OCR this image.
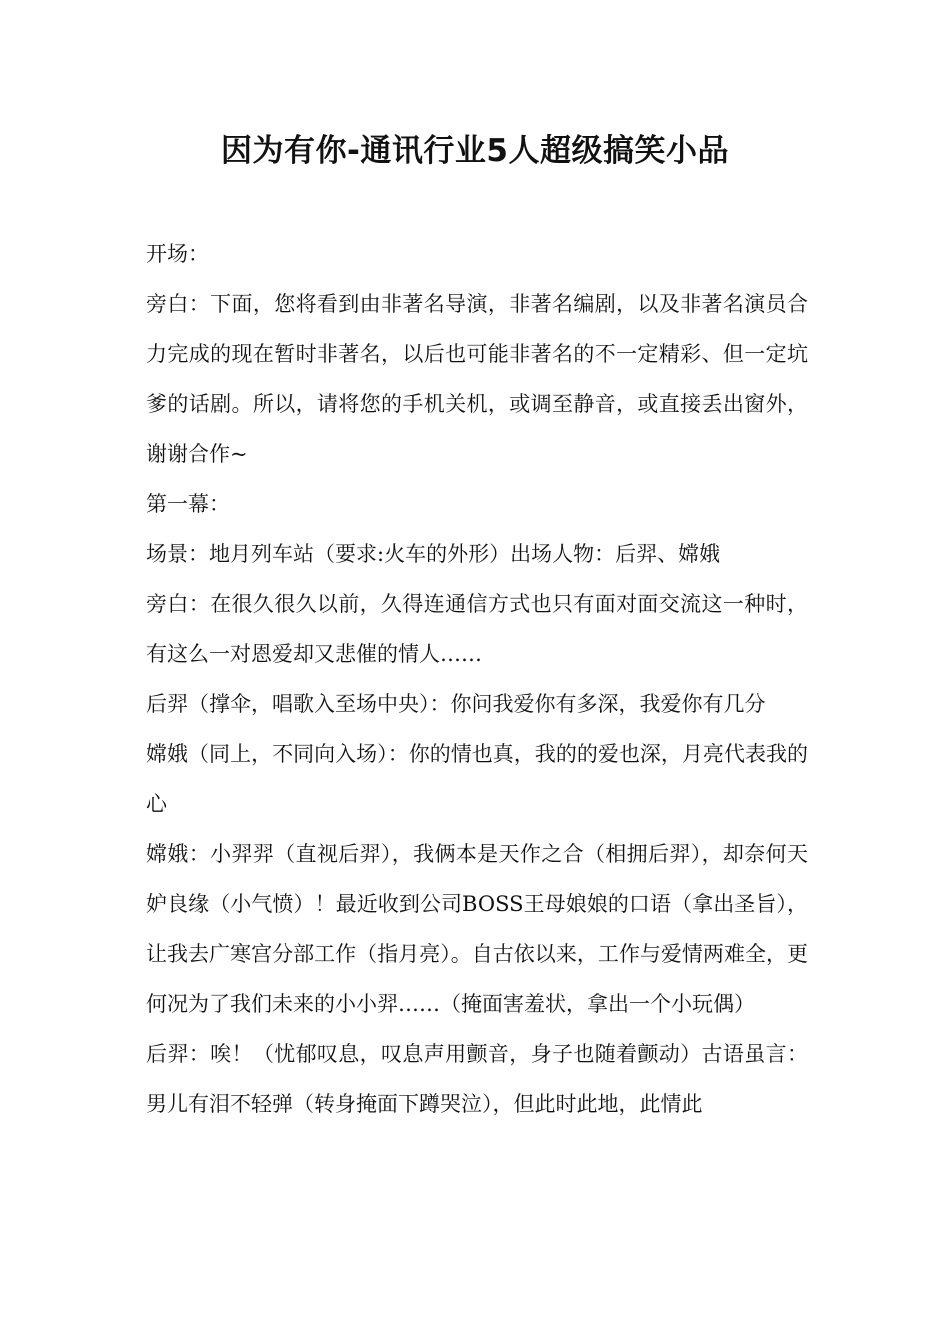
因为有你-通讯行业5人超级搞笑小品

开场：

旁白：下面，您将看到由非著名导演，非著名编剧，以及非著名演员合力完成的现在暂时非著名，以后也可能非著名的不一定精彩、但一定坑爹的话剧。所以，请将您的手机关机，或调至静音，或直接丢出窗外，谢谢合作~

第一幕：

场景：地月列车站（要求:火车的外形）出场人物：后羿、嫦娥

旁白：在很久很久以前，久得连通信方式也只有面对面交流这一种时，有这么一对恩爱却又悲催的情人……

后羿（撑伞，唱歌入至场中央）：你问我爱你有多深，我爱你有几分

嫦娥（同上，不同向入场）：你的情也真，我的的爱也深，月亮代表我的心

嫦娥：小羿羿（直视后羿），我俩本是天作之合（相拥后羿），却奈何天妒良缘（小气愤）！最近收到公司BOSS王母娘娘的口语（拿出圣旨），让我去广寒宫分部工作（指月亮）。自古依以来，工作与爱情两难全，更何况为了我们未来的小小羿……（掩面害羞状，拿出一个小玩偶）

后羿：唉！（忧郁叹息，叹息声用颤音，身子也随着颤动）古语虽言：男儿有泪不轻弹（转身掩面下蹲哭泣），但此时此地，此情此
